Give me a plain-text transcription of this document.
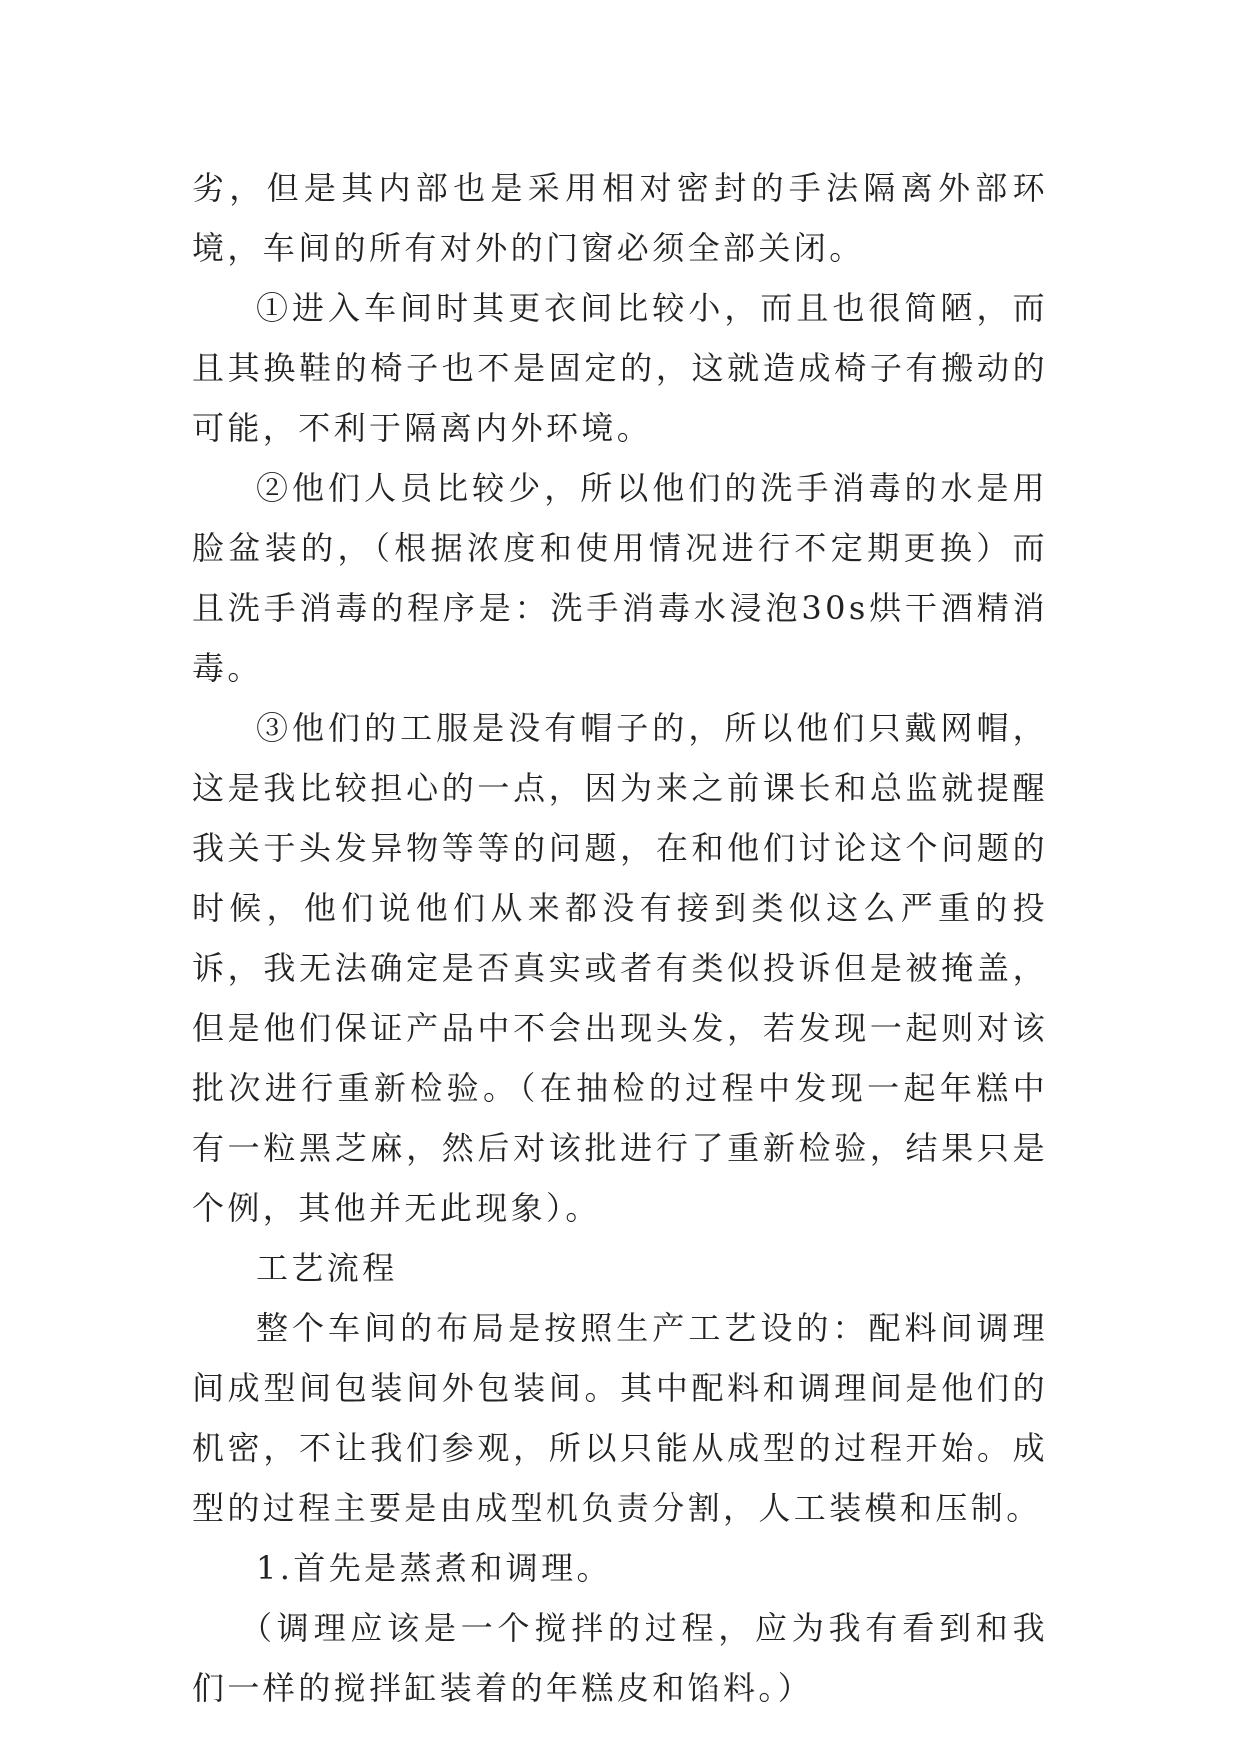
劣，但是其内部也是采用相对密封的手法隔离外部环境，车间的所有对外的门窗必须全部关闭。

①进入车间时其更衣间比较小，而且也很简陋，而且其换鞋的椅子也不是固定的，这就造成椅子有搬动的可能，不利于隔离内外环境。

②他们人员比较少，所以他们的洗手消毒的水是用脸盆装的，（根据浓度和使用情况进行不定期更换）而且洗手消毒的程序是：洗手消毒水浸泡30s烘干酒精消毒。

③他们的工服是没有帽子的，所以他们只戴网帽，这是我比较担心的一点，因为来之前课长和总监就提醒我关于头发异物等等的问题，在和他们讨论这个问题的时候，他们说他们从来都没有接到类似这么严重的投诉，我无法确定是否真实或者有类似投诉但是被掩盖，但是他们保证产品中不会出现头发，若发现一起则对该批次进行重新检验。（在抽检的过程中发现一起年糕中有一粒黑芝麻，然后对该批进行了重新检验，结果只是个例，其他并无此现象）。

工艺流程

整个车间的布局是按照生产工艺设的：配料间调理间成型间包装间外包装间。其中配料和调理间是他们的机密，不让我们参观，所以只能从成型的过程开始。成型的过程主要是由成型机负责分割，人工装模和压制。

1.首先是蒸煮和调理。

（调理应该是一个搅拌的过程，应为我有看到和我们一样的搅拌缸装着的年糕皮和馅料。）
